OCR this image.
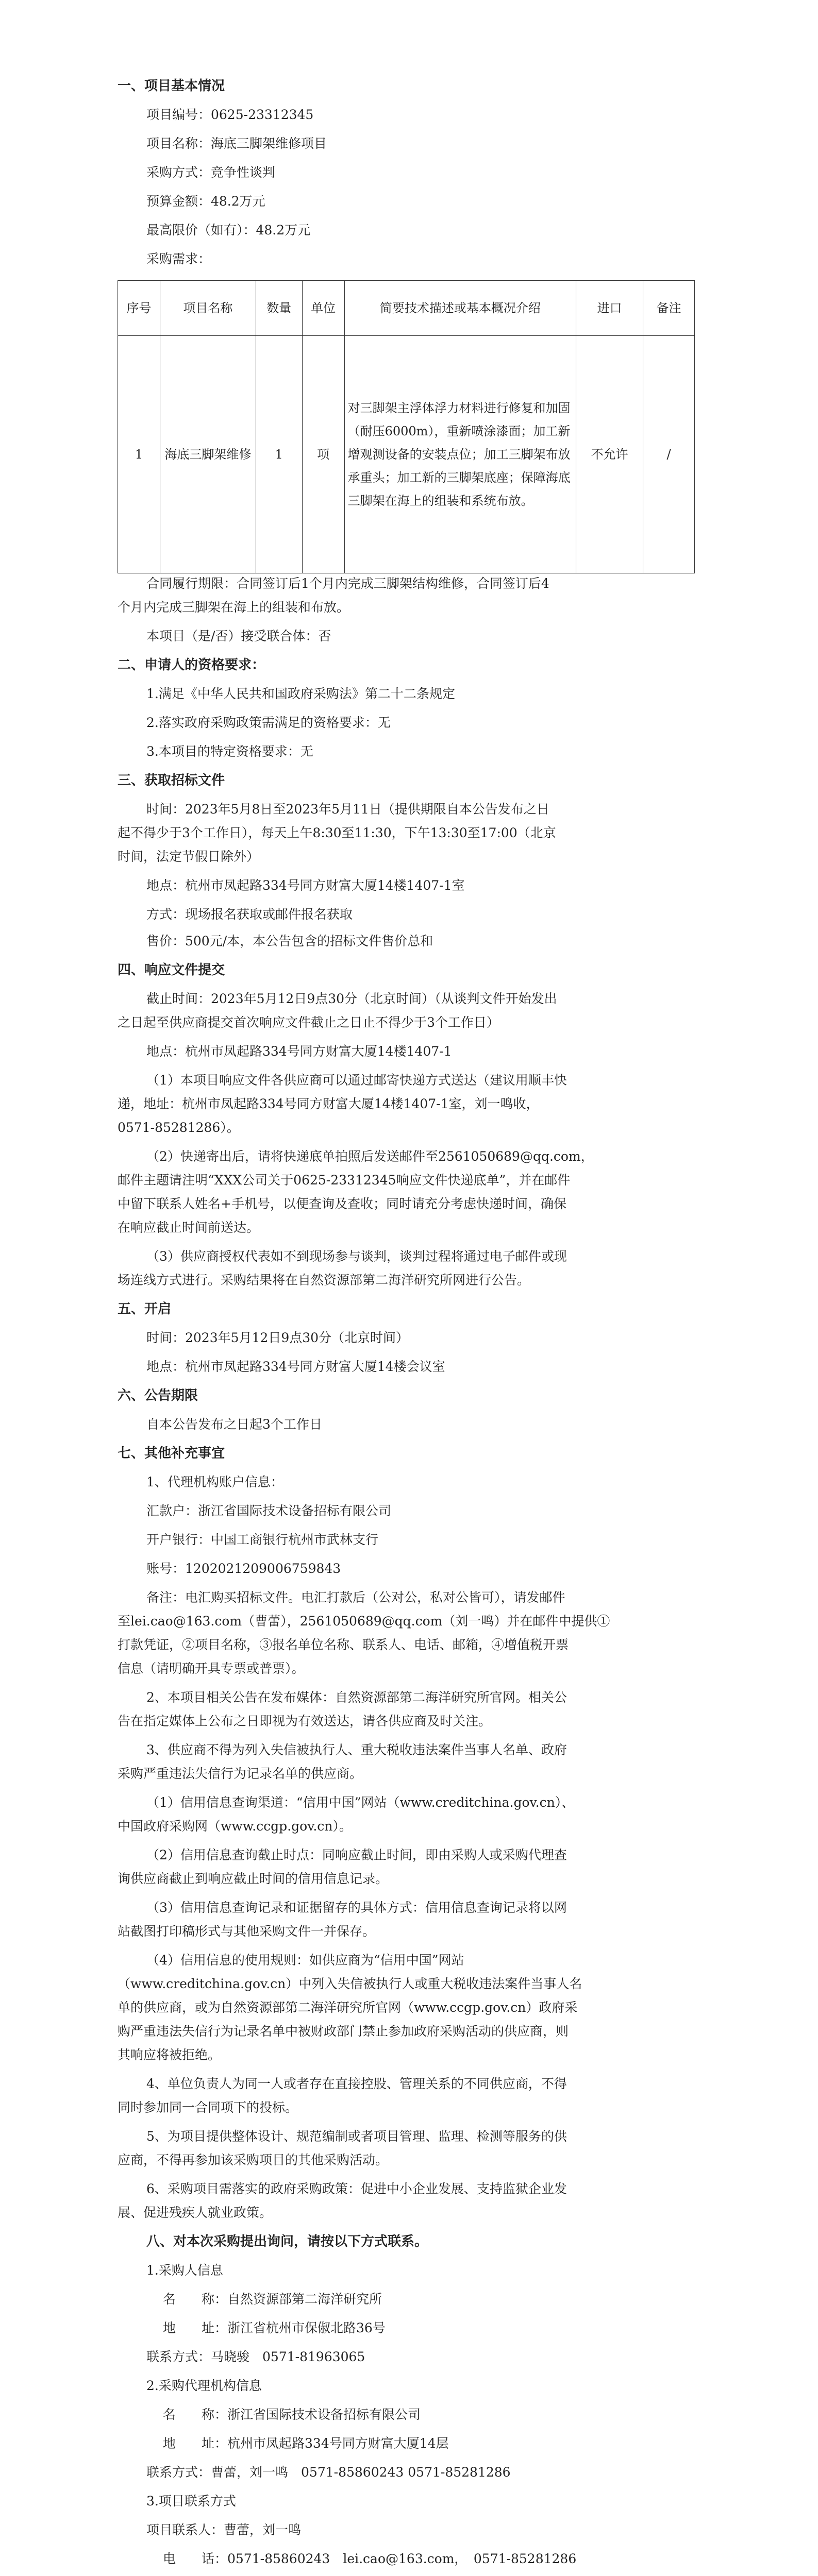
一、项目基本情况
项目编号：0625-23312345
项目名称：海底三脚架维修项目
采购方式：竞争性谈判
预算金额：48.2万元
最高限价（如有）：48.2万元
采购需求：
序号	项目名称	数量	单位	简要技术描述或基本概况介绍	进口	备注
1	海底三脚架维修	1	项	对三脚架主浮体浮力材料进行修复和加固（耐压6000m），重新喷涂漆面；加工新增观测设备的安装点位；加工三脚架布放承重头；加工新的三脚架底座；保障海底三脚架在海上的组装和系统布放。	不允许	/
合同履行期限：合同签订后1个月内完成三脚架结构维修，合同签订后4
个月内完成三脚架在海上的组装和布放。
本项目（是/否）接受联合体：否
二、申请人的资格要求：
1.满足《中华人民共和国政府采购法》第二十二条规定
2.落实政府采购政策需满足的资格要求：无
3.本项目的特定资格要求：无
三、获取招标文件
时间：2023年5月8日至2023年5月11日（提供期限自本公告发布之日
起不得少于3个工作日），每天上午8:30至11:30，下午13:30至17:00（北京
时间，法定节假日除外）
地点：杭州市凤起路334号同方财富大厦14楼1407-1室
方式：现场报名获取或邮件报名获取
售价：500元/本，本公告包含的招标文件售价总和
四、响应文件提交
截止时间：2023年5月12日9点30分（北京时间）（从谈判文件开始发出
之日起至供应商提交首次响应文件截止之日止不得少于3个工作日）
地点：杭州市凤起路334号同方财富大厦14楼1407-1
（1）本项目响应文件各供应商可以通过邮寄快递方式送达（建议用顺丰快
递，地址：杭州市凤起路334号同方财富大厦14楼1407-1室，刘一鸣收，
0571-85281286）。
（2）快递寄出后，请将快递底单拍照后发送邮件至2561050689@qq.com，
邮件主题请注明“XXX公司关于0625-23312345响应文件快递底单”，并在邮件
中留下联系人姓名+手机号，以便查询及查收；同时请充分考虑快递时间，确保
在响应截止时间前送达。
（3）供应商授权代表如不到现场参与谈判，谈判过程将通过电子邮件或现
场连线方式进行。采购结果将在自然资源部第二海洋研究所网进行公告。
五、开启
时间：2023年5月12日9点30分（北京时间）
地点：杭州市凤起路334号同方财富大厦14楼会议室
六、公告期限
自本公告发布之日起3个工作日
七、其他补充事宜
1、代理机构账户信息：
汇款户：浙江省国际技术设备招标有限公司
开户银行：中国工商银行杭州市武林支行
账号：1202021209006759843
备注：电汇购买招标文件。电汇打款后（公对公，私对公皆可），请发邮件
至lei.cao@163.com（曹蕾），2561050689@qq.com（刘一鸣）并在邮件中提供①
打款凭证，②项目名称，③报名单位名称、联系人、电话、邮箱，④增值税开票
信息（请明确开具专票或普票）。
2、本项目相关公告在发布媒体：自然资源部第二海洋研究所官网。相关公
告在指定媒体上公布之日即视为有效送达，请各供应商及时关注。
3、供应商不得为列入失信被执行人、重大税收违法案件当事人名单、政府
采购严重违法失信行为记录名单的供应商。
（1）信用信息查询渠道：“信用中国”网站（www.creditchina.gov.cn）、
中国政府采购网（www.ccgp.gov.cn）。
（2）信用信息查询截止时点：同响应截止时间，即由采购人或采购代理查
询供应商截止到响应截止时间的信用信息记录。
（3）信用信息查询记录和证据留存的具体方式：信用信息查询记录将以网
站截图打印稿形式与其他采购文件一并保存。
（4）信用信息的使用规则：如供应商为“信用中国”网站
（www.creditchina.gov.cn）中列入失信被执行人或重大税收违法案件当事人名
单的供应商，或为自然资源部第二海洋研究所官网（www.ccgp.gov.cn）政府采
购严重违法失信行为记录名单中被财政部门禁止参加政府采购活动的供应商，则
其响应将被拒绝。
4、单位负责人为同一人或者存在直接控股、管理关系的不同供应商，不得
同时参加同一合同项下的投标。
5、为项目提供整体设计、规范编制或者项目管理、监理、检测等服务的供
应商，不得再参加该采购项目的其他采购活动。
6、采购项目需落实的政府采购政策：促进中小企业发展、支持监狱企业发
展、促进残疾人就业政策。
八、对本次采购提出询问，请按以下方式联系。
1.采购人信息
名　　称：自然资源部第二海洋研究所
地　　址：浙江省杭州市保俶北路36号
联系方式：马晓骏　0571-81963065
2.采购代理机构信息
名　　称：浙江省国际技术设备招标有限公司
地　　址：杭州市凤起路334号同方财富大厦14层
联系方式：曹蕾，刘一鸣　0571-85860243 0571-85281286
3.项目联系方式
项目联系人：曹蕾，刘一鸣
电　　话：0571-85860243　lei.cao@163.com，　0571-85281286
